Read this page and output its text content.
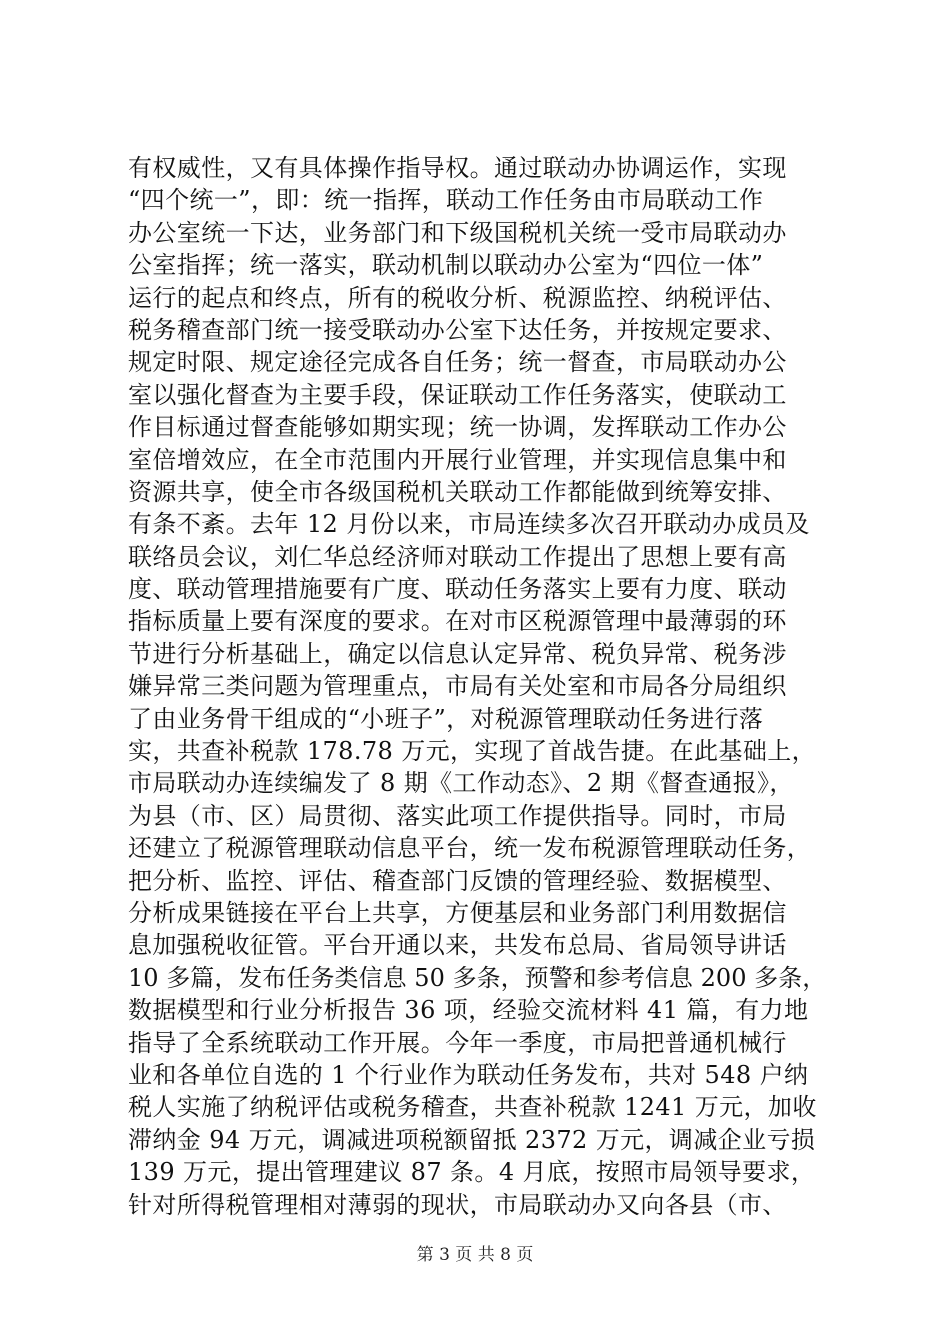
有权威性，又有具体操作指导权。通过联动办协调运作，实现
“四个统一”，即：统一指挥，联动工作任务由市局联动工作
办公室统一下达，业务部门和下级国税机关统一受市局联动办
公室指挥；统一落实，联动机制以联动办公室为“四位一体”
运行的起点和终点，所有的税收分析、税源监控、纳税评估、
税务稽查部门统一接受联动办公室下达任务，并按规定要求、
规定时限、规定途径完成各自任务；统一督查，市局联动办公
室以强化督查为主要手段，保证联动工作任务落实，使联动工
作目标通过督查能够如期实现；统一协调，发挥联动工作办公
室倍增效应，在全市范围内开展行业管理，并实现信息集中和
资源共享，使全市各级国税机关联动工作都能做到统筹安排、
有条不紊。去年 12 月份以来，市局连续多次召开联动办成员及
联络员会议，刘仁华总经济师对联动工作提出了思想上要有高
度、联动管理措施要有广度、联动任务落实上要有力度、联动
指标质量上要有深度的要求。在对市区税源管理中最薄弱的环
节进行分析基础上，确定以信息认定异常、税负异常、税务涉
嫌异常三类问题为管理重点，市局有关处室和市局各分局组织
了由业务骨干组成的“小班子”，对税源管理联动任务进行落
实，共查补税款 178.78 万元，实现了首战告捷。在此基础上，
市局联动办连续编发了 8 期《工作动态》、2 期《督查通报》，
为县（市、区）局贯彻、落实此项工作提供指导。同时，市局
还建立了税源管理联动信息平台，统一发布税源管理联动任务，
把分析、监控、评估、稽查部门反馈的管理经验、数据模型、
分析成果链接在平台上共享，方便基层和业务部门利用数据信
息加强税收征管。平台开通以来，共发布总局、省局领导讲话
10 多篇，发布任务类信息 50 多条，预警和参考信息 200 多条，
数据模型和行业分析报告 36 项，经验交流材料 41 篇，有力地
指导了全系统联动工作开展。今年一季度，市局把普通机械行
业和各单位自选的 1 个行业作为联动任务发布，共对 548 户纳
税人实施了纳税评估或税务稽查，共查补税款 1241 万元，加收
滞纳金 94 万元，调减进项税额留抵 2372 万元，调减企业亏损
139 万元，提出管理建议 87 条。4 月底，按照市局领导要求，
针对所得税管理相对薄弱的现状，市局联动办又向各县（市、
第 3 页 共 8 页
